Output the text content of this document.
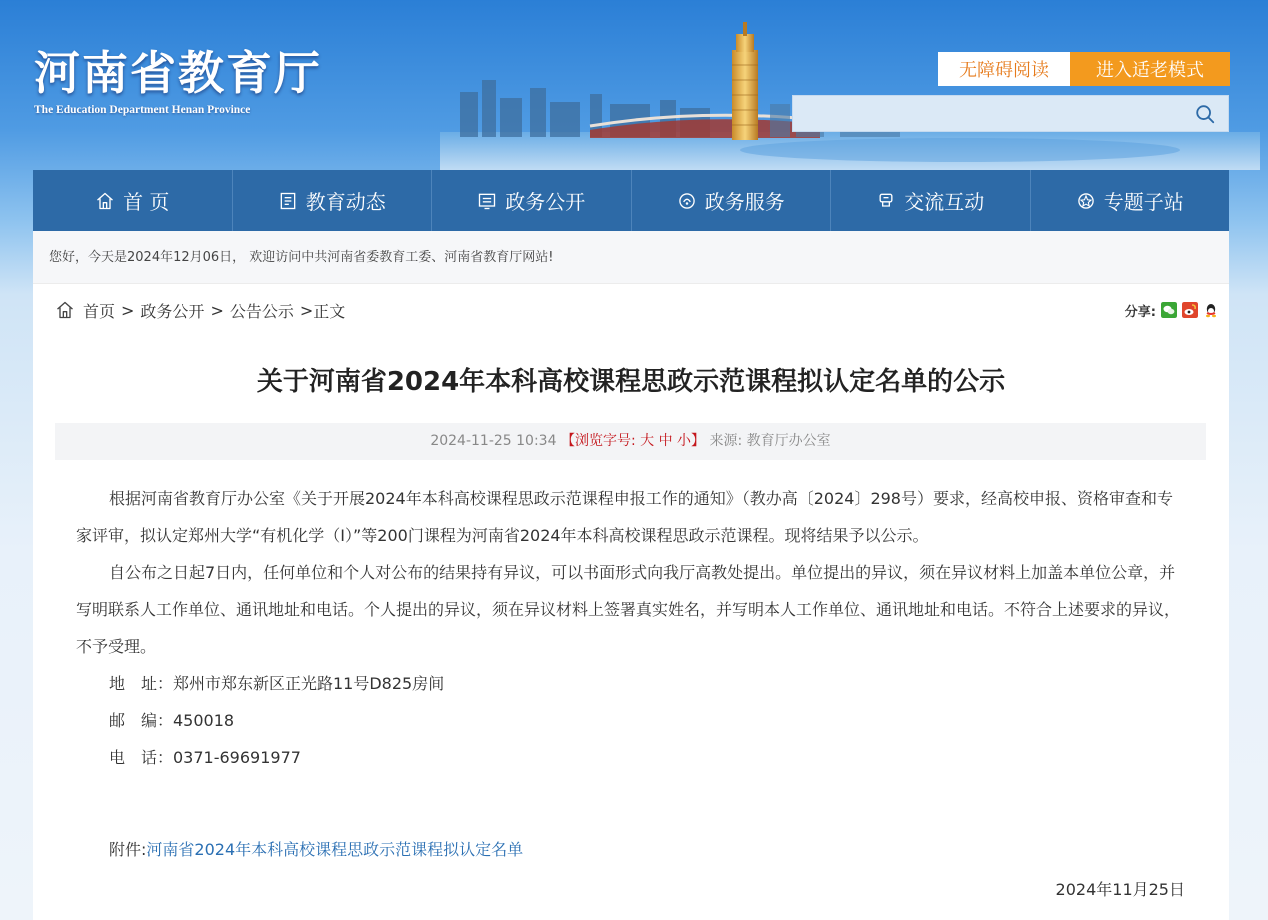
河南省教育厅
The Education Department Henan Province
无障碍阅读	进入适老模式
首 页	教育动态	政务公开	政务服务	交流互动	专题子站
您好，今天是2024年12月06日， 欢迎访问中共河南省委教育工委、河南省教育厅网站!
首页 > 政务公开 > 公告公示 > 正文	分享:
关于河南省2024年本科高校课程思政示范课程拟认定名单的公示
2024-11-25 10:34 【浏览字号: 大 中 小】 来源: 教育厅办公室

根据河南省教育厅办公室《关于开展2024年本科高校课程思政示范课程申报工作的通知》（教办高〔2024〕298号）要求，经高校申报、资格审查和专家评审，拟认定郑州大学“有机化学（I）”等200门课程为河南省2024年本科高校课程思政示范课程。现将结果予以公示。

自公布之日起7日内，任何单位和个人对公布的结果持有异议，可以书面形式向我厅高教处提出。单位提出的异议，须在异议材料上加盖本单位公章，并写明联系人工作单位、通讯地址和电话。个人提出的异议，须在异议材料上签署真实姓名，并写明本人工作单位、通讯地址和电话。不符合上述要求的异议，不予受理。

地　址：郑州市郑东新区正光路11号D825房间

邮　编：450018

电　话：0371-69691977

附件:河南省2024年本科高校课程思政示范课程拟认定名单
2024年11月25日
